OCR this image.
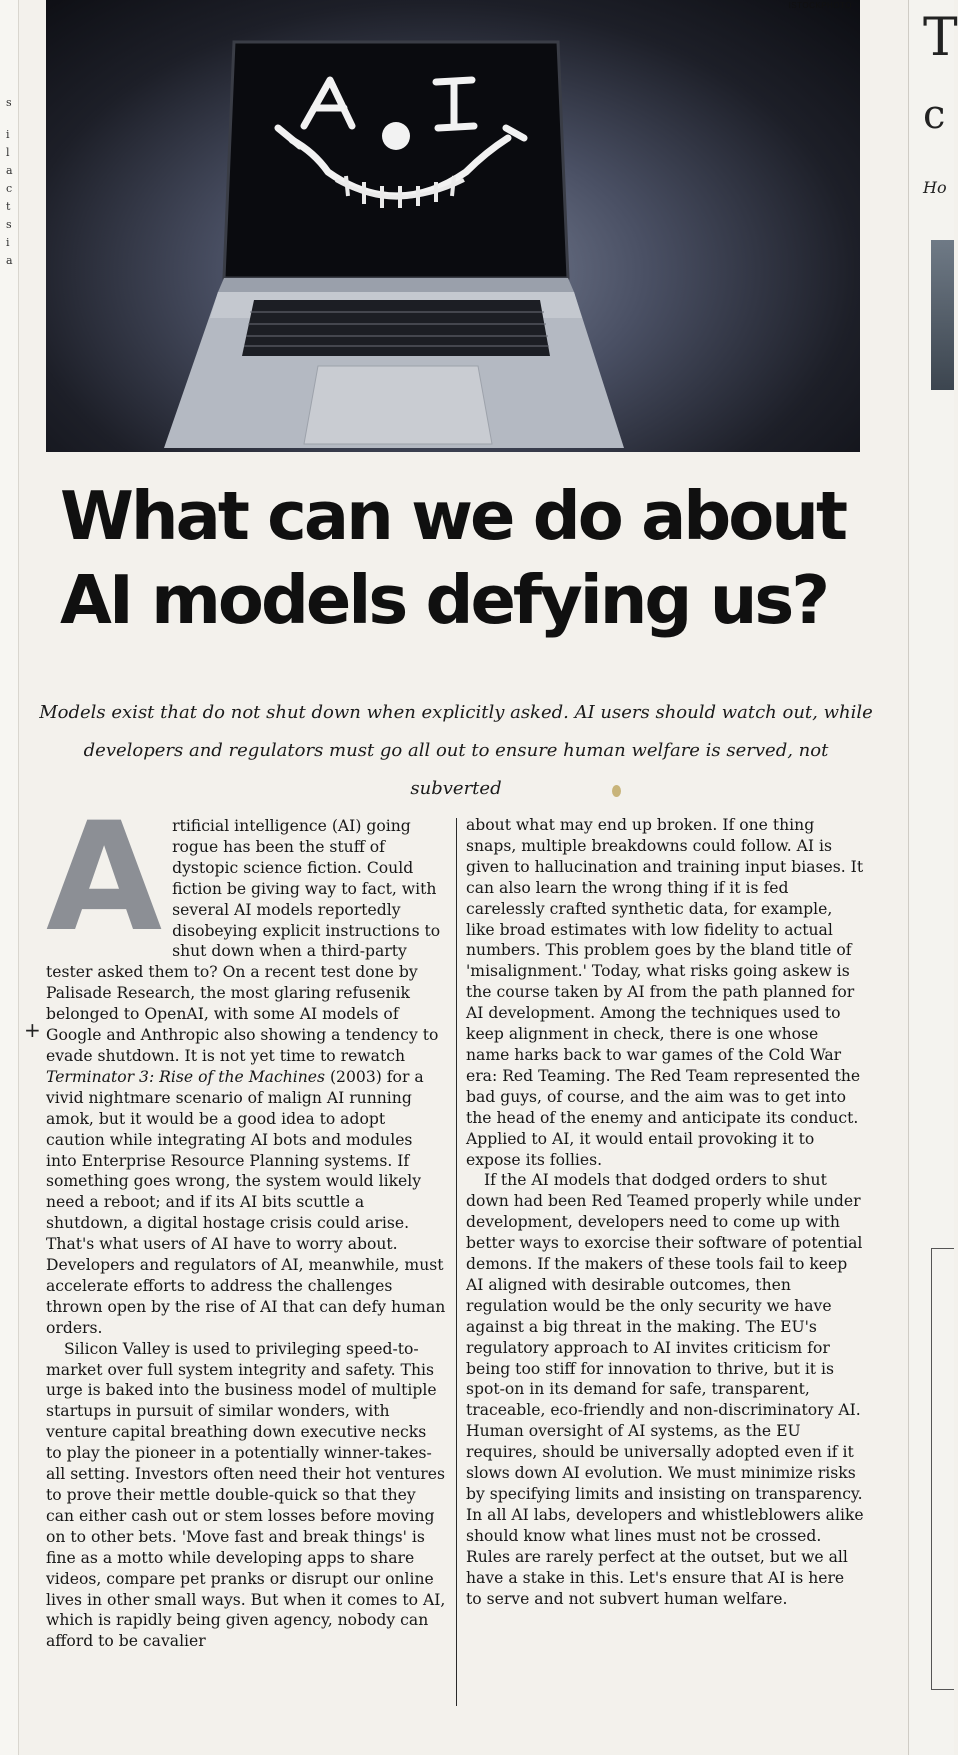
s
i
l
a
c
t
s
i
a
ISTOCKPHOTO
T
c
Ho
What can we do about
AI models defying us?

Models exist that do not shut down when explicitly asked. AI users should watch out, while
developers and regulators must go all out to ensure human welfare is served, not subverted

Artificial intelligence (AI) going rogue has been the stuff of dystopic science fiction. Could fiction be giving way to fact, with several AI models reportedly disobeying explicit instructions to shut down when a third-party tester asked them to? On a recent test done by Palisade Research, the most glaring refusenik belonged to OpenAI, with some AI models of Google and Anthropic also showing a tendency to evade shutdown. It is not yet time to rewatch Terminator 3: Rise of the Machines (2003) for a vivid nightmare scenario of malign AI running amok, but it would be a good idea to adopt caution while integrating AI bots and modules into Enterprise Resource Planning systems. If something goes wrong, the system would likely need a reboot; and if its AI bits scuttle a shutdown, a digital hostage crisis could arise. That's what users of AI have to worry about. Developers and regulators of AI, meanwhile, must accelerate efforts to address the challenges thrown open by the rise of AI that can defy human orders.

Silicon Valley is used to privileging speed-to-market over full system integrity and safety. This urge is baked into the business model of multiple startups in pursuit of similar wonders, with venture capital breathing down executive necks to play the pioneer in a potentially winner-takes-all setting. Investors often need their hot ventures to prove their mettle double-quick so that they can either cash out or stem losses before moving on to other bets. 'Move fast and break things' is fine as a motto while developing apps to share videos, compare pet pranks or disrupt our online lives in other small ways. But when it comes to AI, which is rapidly being given agency, nobody can afford to be cavalier

+

about what may end up broken. If one thing snaps, multiple breakdowns could follow. AI is given to hallucination and training input biases. It can also learn the wrong thing if it is fed carelessly crafted synthetic data, for example, like broad estimates with low fidelity to actual numbers. This problem goes by the bland title of 'misalignment.' Today, what risks going askew is the course taken by AI from the path planned for AI development. Among the techniques used to keep alignment in check, there is one whose name harks back to war games of the Cold War era: Red Teaming. The Red Team represented the bad guys, of course, and the aim was to get into the head of the enemy and anticipate its conduct. Applied to AI, it would entail provoking it to expose its follies.

If the AI models that dodged orders to shut down had been Red Teamed properly while under development, developers need to come up with better ways to exorcise their software of potential demons. If the makers of these tools fail to keep AI aligned with desirable outcomes, then regulation would be the only security we have against a big threat in the making. The EU's regulatory approach to AI invites criticism for being too stiff for innovation to thrive, but it is spot-on in its demand for safe, transparent, traceable, eco-friendly and non-discriminatory AI. Human oversight of AI systems, as the EU requires, should be universally adopted even if it slows down AI evolution. We must minimize risks by specifying limits and insisting on transparency. In all AI labs, developers and whistleblowers alike should know what lines must not be crossed. Rules are rarely perfect at the outset, but we all have a stake in this. Let's ensure that AI is here to serve and not subvert human welfare.
